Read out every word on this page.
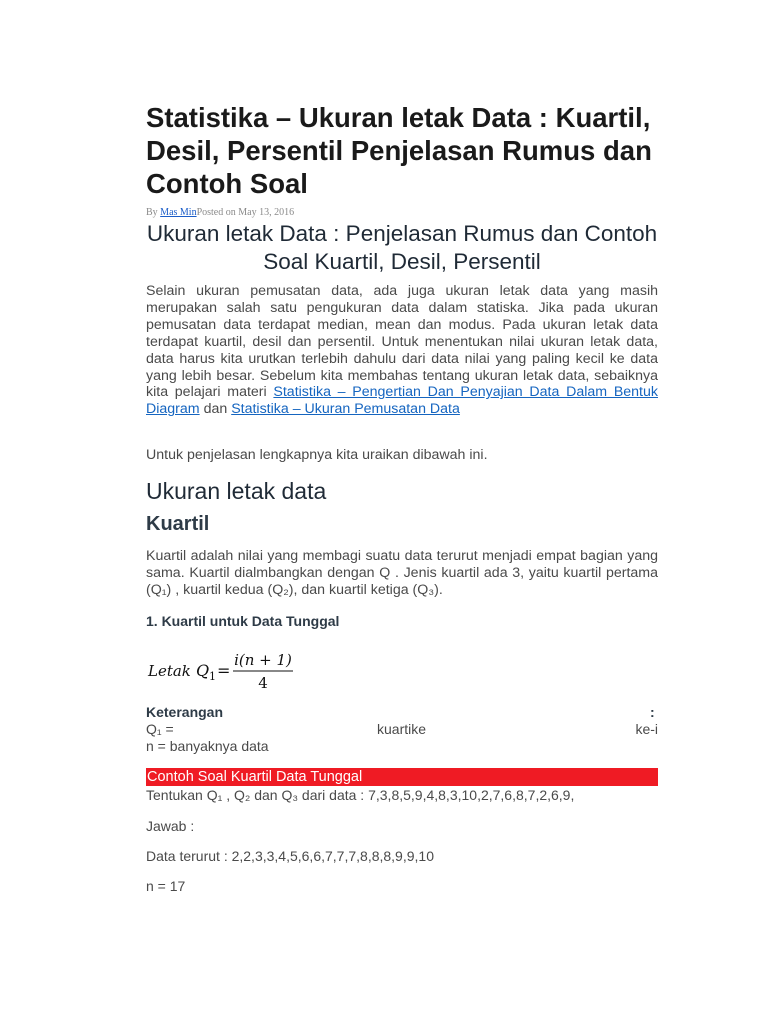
Statistika – Ukuran letak Data : Kuartil, Desil, Persentil Penjelasan Rumus dan Contoh Soal

By Mas MinPosted on May 13, 2016

Ukuran letak Data : Penjelasan Rumus dan Contoh Soal Kuartil, Desil, Persentil

Selain ukuran pemusatan data, ada juga ukuran letak data yang masih merupakan salah satu pengukuran data dalam statiska. Jika pada ukuran pemusatan data terdapat median, mean dan modus. Pada ukuran letak data terdapat kuartil, desil dan persentil. Untuk menentukan nilai ukuran letak data, data harus kita urutkan terlebih dahulu dari data nilai yang paling kecil ke data yang lebih besar. Sebelum kita membahas tentang ukuran letak data, sebaiknya kita pelajari materi Statistika – Pengertian Dan Penyajian Data Dalam Bentuk Diagram dan Statistika – Ukuran Pemusatan Data

Untuk penjelasan lengkapnya kita uraikan dibawah ini.

Ukuran letak data
Kuartil

Kuartil adalah nilai yang membagi suatu data terurut menjadi empat bagian yang sama. Kuartil dialmbangkan dengan Q . Jenis kuartil ada 3, yaitu kuartil pertama (Q₁) , kuartil kedua (Q₂), dan kuartil ketiga (Q₃).

1. Kuartil untuk Data Tunggal
Letak Q 1 =
i(n + 1)
4
Keterangan	:
Q₁ =	kuartike	ke-i
n = banyaknya data
Contoh Soal Kuartil Data Tunggal
Tentukan Q₁ , Q₂ dan Q₃ dari data : 7,3,8,5,9,4,8,3,10,2,7,6,8,7,2,6,9,
Jawab :
Data terurut : 2,2,3,3,4,5,6,6,7,7,7,8,8,8,9,9,10
n = 17
